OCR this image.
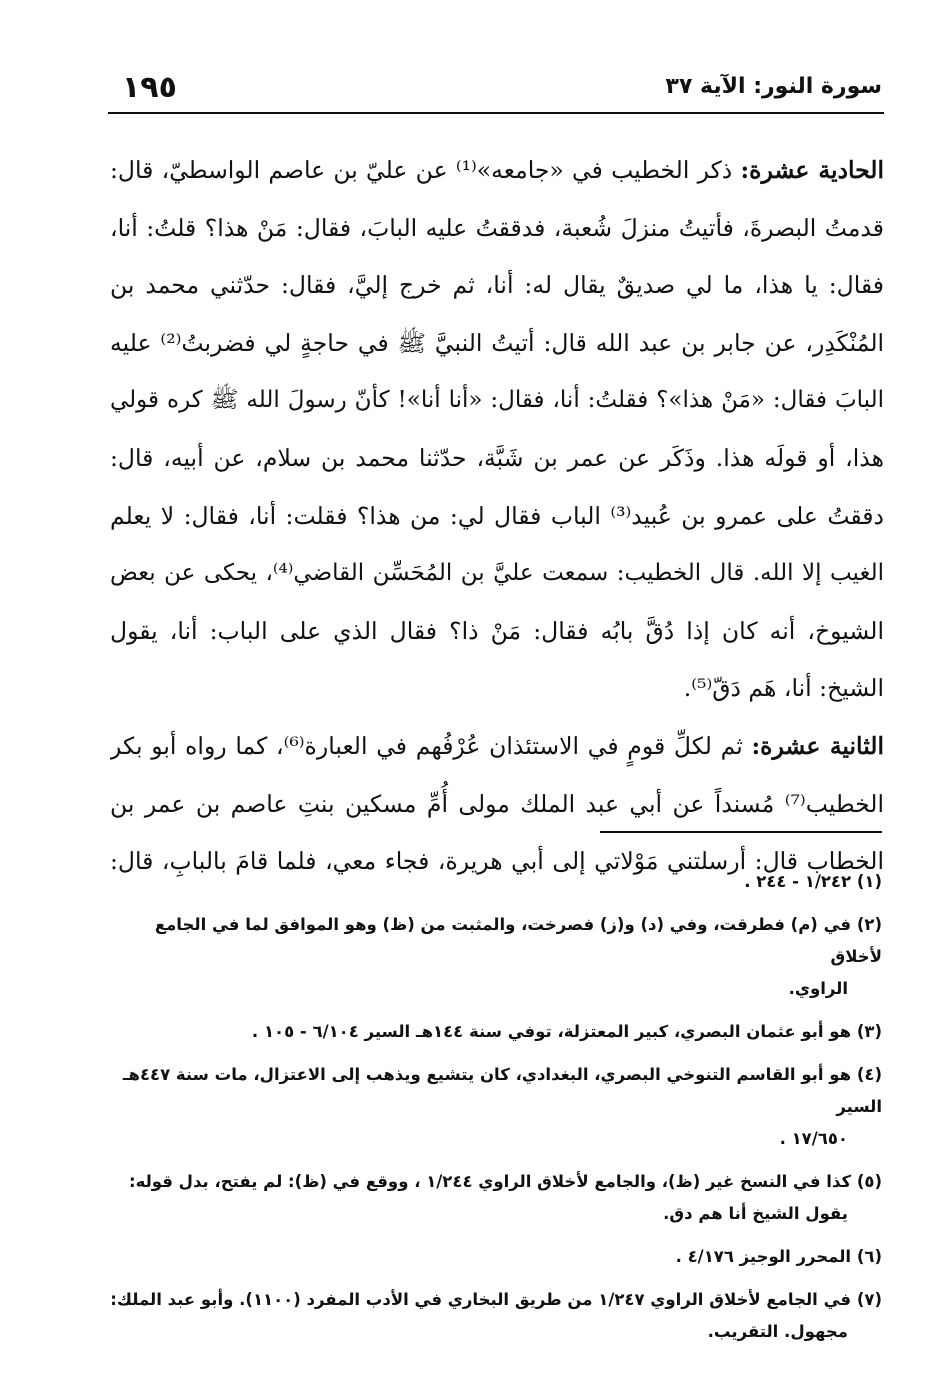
سورة النور: الآية ٣٧
١٩٥
الحادية عشرة: ذكر الخطيب في «جامعه»⁽¹⁾ عن عليّ بن عاصم الواسطيّ، قال:
قدمتُ البصرةَ، فأتيتُ منزلَ شُعبة، فدققتُ عليه البابَ، فقال: مَنْ هذا؟ قلتُ: أنا،
فقال: يا هذا، ما لي صديقٌ يقال له: أنا، ثم خرج إليَّ، فقال: حدّثني محمد بن
المُنْكَدِر، عن جابر بن عبد الله قال: أتيتُ النبيَّ ﷺ في حاجةٍ لي فضربتُ⁽²⁾ عليه
البابَ فقال: «مَنْ هذا»؟ فقلتُ: أنا، فقال: «أنا أنا»! كأنّ رسولَ الله ﷺ كره قولي
هذا، أو قولَه هذا. وذَكَر عن عمر بن شَبَّة، حدّثنا محمد بن سلام، عن أبيه، قال:
دققتُ على عمرو بن عُبيد⁽³⁾ الباب فقال لي: من هذا؟ فقلت: أنا، فقال: لا يعلم
الغيب إلا الله. قال الخطيب: سمعت عليَّ بن المُحَسِّن القاضي⁽⁴⁾، يحكى عن بعض
الشيوخ، أنه كان إذا دُقَّ بابُه فقال: مَنْ ذا؟ فقال الذي على الباب: أنا، يقول
الشيخ: أنا، هَم دَقّ⁽⁵⁾.
الثانية عشرة: ثم لكلِّ قومٍ في الاستئذان عُرْفُهم في العبارة⁽⁶⁾، كما رواه أبو بكر
الخطيب⁽⁷⁾ مُسنداً عن أبي عبد الملك مولى أُمِّ مسكين بنتِ عاصم بن عمر بن
الخطاب قال: أرسلتني مَوْلاتي إلى أبي هريرة، فجاء معي، فلما قامَ بالبابِ، قال:
(١) ١/٢٤٢ - ٢٤٤ .
(٢) في (م) فطرقت، وفي (د) و(ز) فصرخت، والمثبت من (ظ) وهو الموافق لما في الجامع لأخلاق
الراوي.
(٣) هو أبو عثمان البصري، كبير المعتزلة، توفي سنة ١٤٤هـ السير ٦/١٠٤ - ١٠٥ .
(٤) هو أبو القاسم التنوخي البصري، البغدادي، كان يتشيع ويذهب إلى الاعتزال، مات سنة ٤٤٧هـ السير
١٧/٦٥٠ .
(٥) كذا في النسخ غير (ظ)، والجامع لأخلاق الراوي ١/٢٤٤ ، ووقع في (ظ): لم يفتح، بدل قوله:
يقول الشيخ أنا هم دق.
(٦) المحرر الوجيز ٤/١٧٦ .
(٧) في الجامع لأخلاق الراوي ١/٢٤٧ من طريق البخاري في الأدب المفرد (١١٠٠). وأبو عبد الملك:
مجهول. التقريب.
